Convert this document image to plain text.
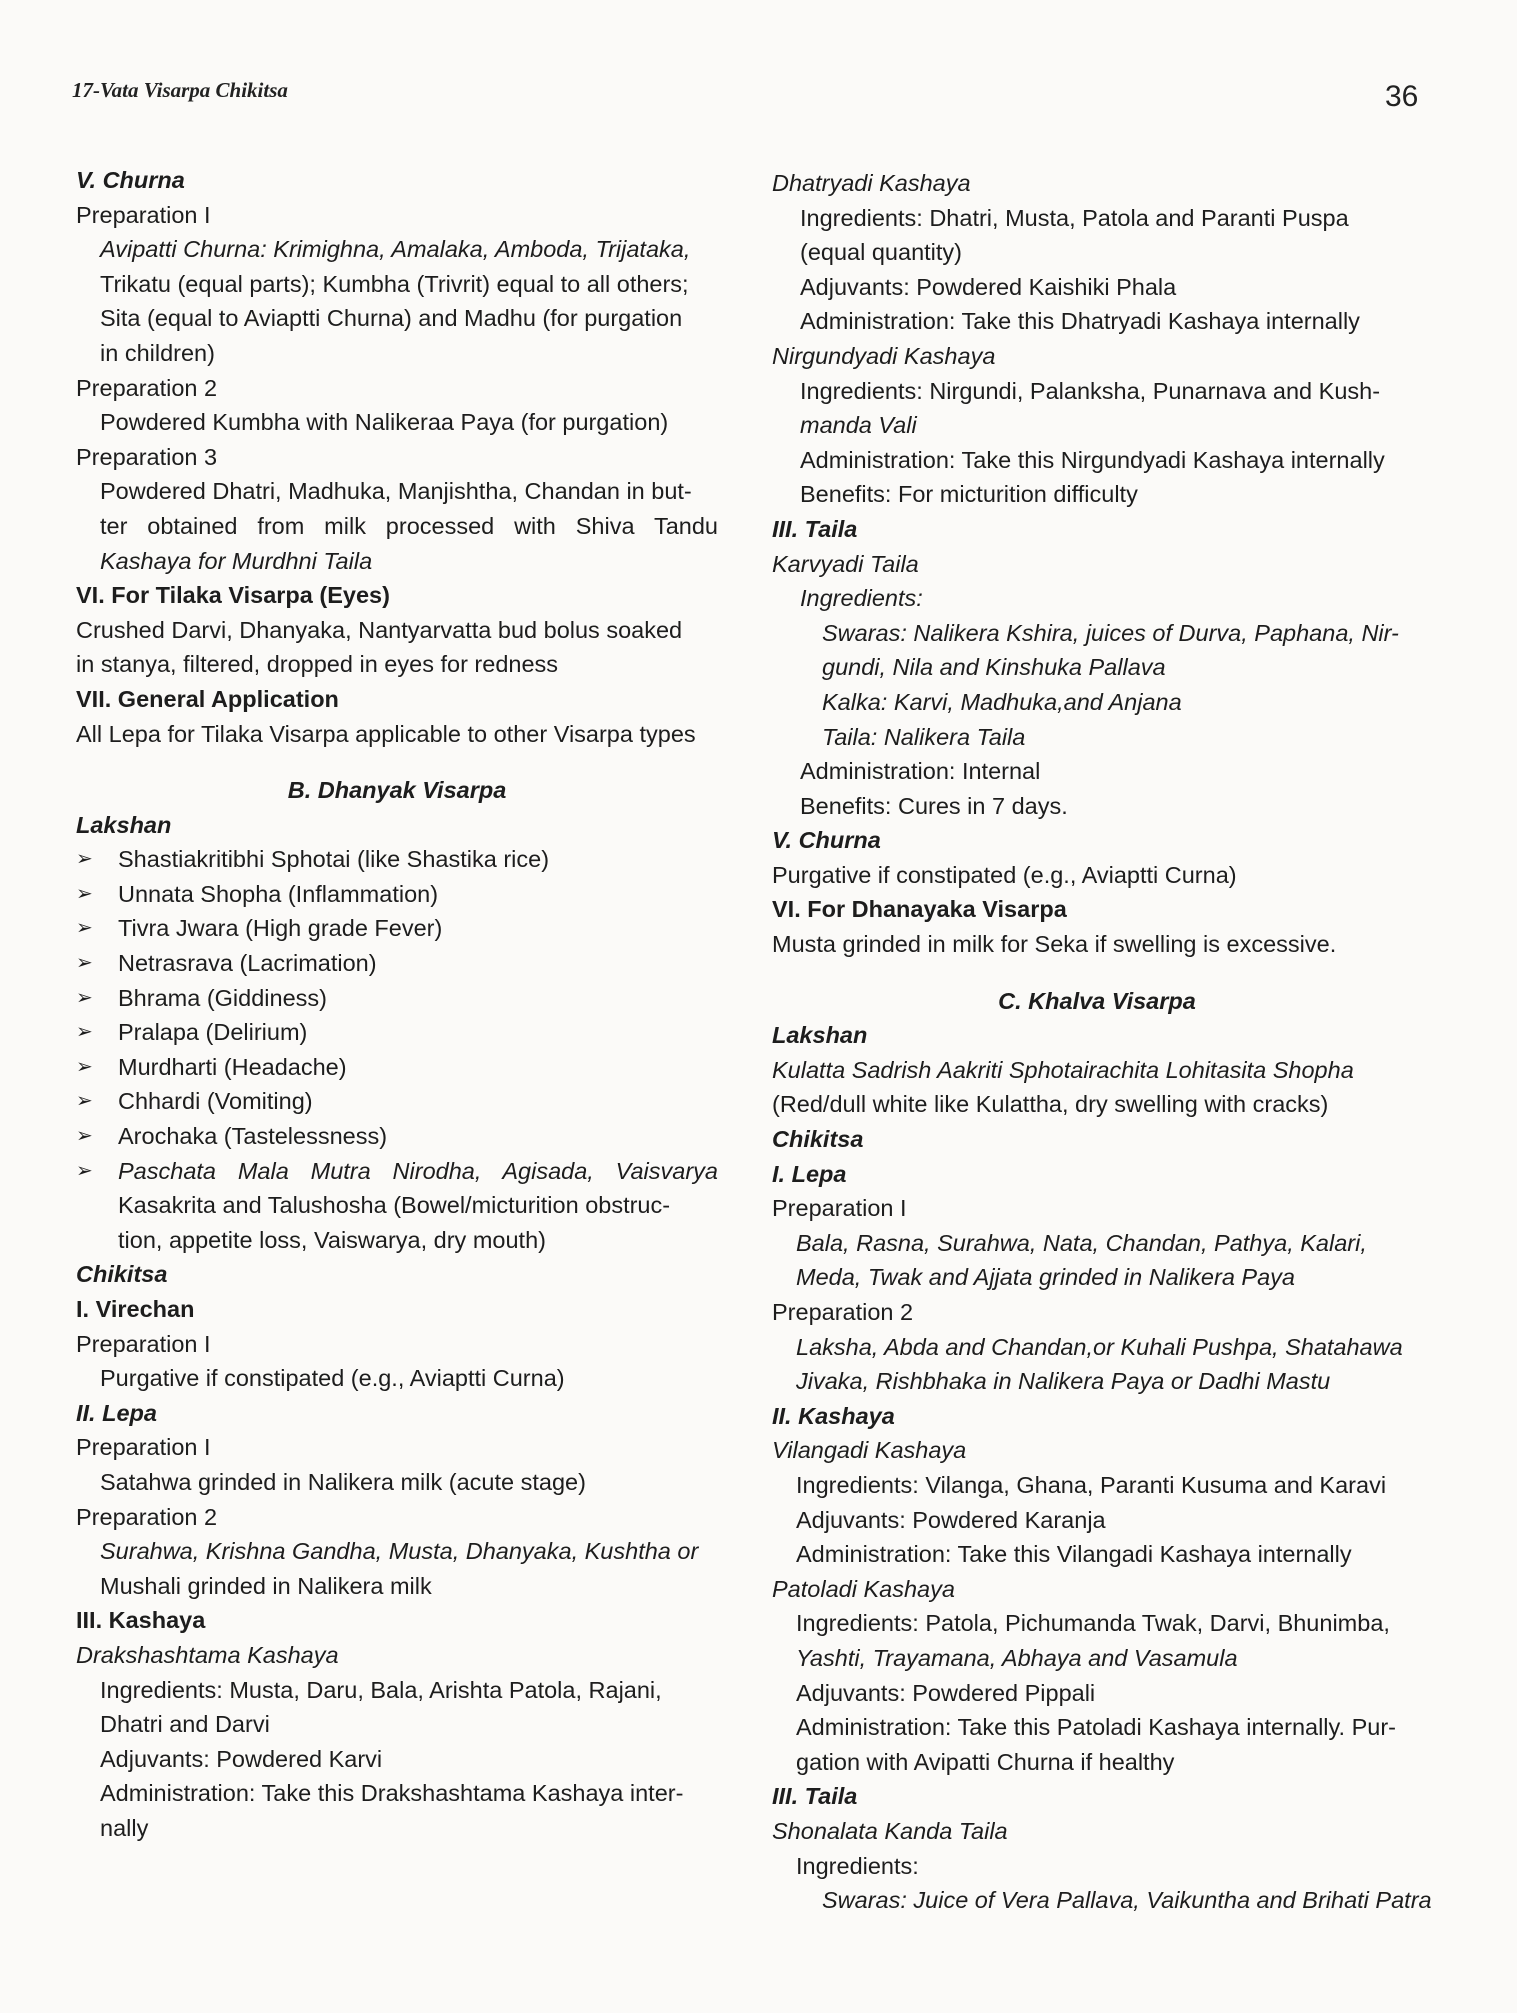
17-Vata Visarpa Chikitsa	36
V. Churna
Preparation I
Avipatti Churna: Krimighna, Amalaka, Amboda, Trijataka,
Trikatu (equal parts); Kumbha (Trivrit) equal to all others;
Sita (equal to Aviaptti Churna) and Madhu (for purgation
in children)
Preparation 2
Powdered Kumbha with Nalikeraa Paya (for purgation)
Preparation 3
Powdered Dhatri, Madhuka, Manjishtha, Chandan in but-
ter obtained from milk processed with Shiva Tandu
Kashaya for Murdhni Taila
VI. For Tilaka Visarpa (Eyes)
Crushed Darvi, Dhanyaka, Nantyarvatta bud bolus soaked
in stanya, filtered, dropped in eyes for redness
VII. General Application
All Lepa for Tilaka Visarpa applicable to other Visarpa types
B. Dhanyak Visarpa
Lakshan
➢	Shastiakritibhi Sphotai (like Shastika rice)
➢	Unnata Shopha (Inflammation)
➢	Tivra Jwara (High grade Fever)
➢	Netrasrava (Lacrimation)
➢	Bhrama (Giddiness)
➢	Pralapa (Delirium)
➢	Murdharti (Headache)
➢	Chhardi (Vomiting)
➢	Arochaka (Tastelessness)
➢	Paschata Mala Mutra Nirodha, Agisada, Vaisvarya
Kasakrita and Talushosha (Bowel/micturition obstruc-
tion, appetite loss, Vaiswarya, dry mouth)
Chikitsa
I. Virechan
Preparation I
Purgative if constipated (e.g., Aviaptti Curna)
II. Lepa
Preparation I
Satahwa grinded in Nalikera milk (acute stage)
Preparation 2
Surahwa, Krishna Gandha, Musta, Dhanyaka, Kushtha or
Mushali grinded in Nalikera milk
III. Kashaya
Drakshashtama Kashaya
Ingredients: Musta, Daru, Bala, Arishta Patola, Rajani,
Dhatri and Darvi
Adjuvants: Powdered Karvi
Administration: Take this Drakshashtama Kashaya inter-
nally
Dhatryadi Kashaya
Ingredients: Dhatri, Musta, Patola and Paranti Puspa
(equal quantity)
Adjuvants: Powdered Kaishiki Phala
Administration: Take this Dhatryadi Kashaya internally
Nirgundyadi Kashaya
Ingredients: Nirgundi, Palanksha, Punarnava and Kush-
manda Vali
Administration: Take this Nirgundyadi Kashaya internally
Benefits: For micturition difficulty
III. Taila
Karvyadi Taila
Ingredients:
Swaras: Nalikera Kshira, juices of Durva, Paphana, Nir-
gundi, Nila and Kinshuka Pallava
Kalka: Karvi, Madhuka,and Anjana
Taila: Nalikera Taila
Administration: Internal
Benefits: Cures in 7 days.
V. Churna
Purgative if constipated (e.g., Aviaptti Curna)
VI. For Dhanayaka Visarpa
Musta grinded in milk for Seka if swelling is excessive.
C. Khalva Visarpa
Lakshan
Kulatta Sadrish Aakriti Sphotairachita Lohitasita Shopha
(Red/dull white like Kulattha, dry swelling with cracks)
Chikitsa
I. Lepa
Preparation I
Bala, Rasna, Surahwa, Nata, Chandan, Pathya, Kalari,
Meda, Twak and Ajjata grinded in Nalikera Paya
Preparation 2
Laksha, Abda and Chandan,or Kuhali Pushpa, Shatahawa
Jivaka, Rishbhaka in Nalikera Paya or Dadhi Mastu
II. Kashaya
Vilangadi Kashaya
Ingredients: Vilanga, Ghana, Paranti Kusuma and Karavi
Adjuvants: Powdered Karanja
Administration: Take this Vilangadi Kashaya internally
Patoladi Kashaya
Ingredients: Patola, Pichumanda Twak, Darvi, Bhunimba,
Yashti, Trayamana, Abhaya and Vasamula
Adjuvants: Powdered Pippali
Administration: Take this Patoladi Kashaya internally. Pur-
gation with Avipatti Churna if healthy
III. Taila
Shonalata Kanda Taila
Ingredients:
Swaras: Juice of Vera Pallava, Vaikuntha and Brihati Patra
